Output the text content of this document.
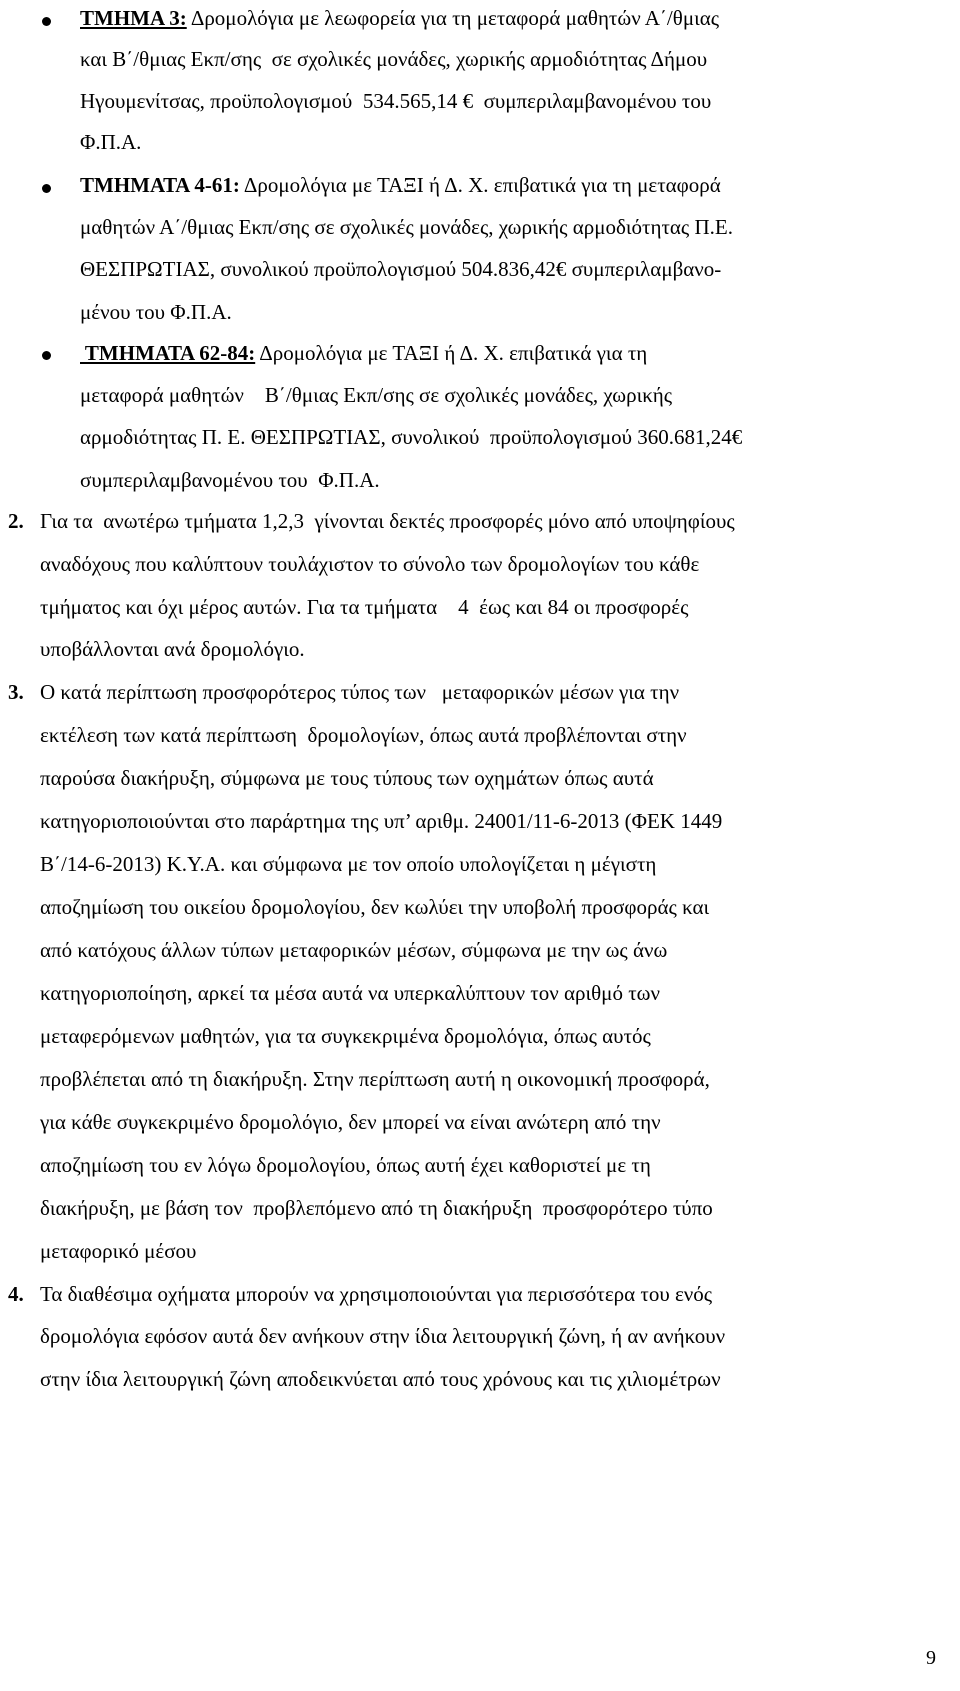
ΤΜΗΜΑ 3: Δρομολόγια με λεωφορεία για τη μεταφορά μαθητών Α΄/θμιας

και Β΄/θμιας Εκπ/σης  σε σχολικές μονάδες, χωρικής αρμοδιότητας Δήμου

Ηγουμενίτσας, προϋπολογισμού  534.565,14 €  συμπεριλαμβανομένου του

Φ.Π.Α.

ΤΜΗΜΑΤΑ 4-61: Δρομολόγια με ΤΑΞΙ ή Δ. Χ. επιβατικά για τη μεταφορά

μαθητών Α΄/θμιας Εκπ/σης σε σχολικές μονάδες, χωρικής αρμοδιότητας Π.Ε.

ΘΕΣΠΡΩΤΙΑΣ, συνολικού προϋπολογισμού 504.836,42€ συμπεριλαμβανο-

μένου του Φ.Π.Α.

ΤΜΗΜΑΤΑ 62-84: Δρομολόγια με ΤΑΞΙ ή Δ. Χ. επιβατικά για τη

μεταφορά μαθητών    Β΄/θμιας Εκπ/σης σε σχολικές μονάδες, χωρικής

αρμοδιότητας Π. Ε. ΘΕΣΠΡΩΤΙΑΣ, συνολικού  προϋπολογισμού 360.681,24€

συμπεριλαμβανομένου του  Φ.Π.Α.

2. Για τα  ανωτέρω τμήματα 1,2,3  γίνονται δεκτές προσφορές μόνο από υποψηφίους

αναδόχους που καλύπτουν τουλάχιστον το σύνολο των δρομολογίων του κάθε

τμήματος και όχι μέρος αυτών. Για τα τμήματα    4  έως και 84 οι προσφορές

υποβάλλονται ανά δρομολόγιο.

3. Ο κατά περίπτωση προσφορότερος τύπος των   μεταφορικών μέσων για την

εκτέλεση των κατά περίπτωση  δρομολογίων, όπως αυτά προβλέπονται στην

παρούσα διακήρυξη, σύμφωνα με τους τύπους των οχημάτων όπως αυτά

κατηγοριοποιούνται στο παράρτημα της υπ’ αριθμ. 24001/11-6-2013 (ΦΕΚ 1449

Β΄/14-6-2013) Κ.Υ.Α. και σύμφωνα με τον οποίο υπολογίζεται η μέγιστη

αποζημίωση του οικείου δρομολογίου, δεν κωλύει την υποβολή προσφοράς και

από κατόχους άλλων τύπων μεταφορικών μέσων, σύμφωνα με την ως άνω

κατηγοριοποίηση, αρκεί τα μέσα αυτά να υπερκαλύπτουν τον αριθμό των

μεταφερόμενων μαθητών, για τα συγκεκριμένα δρομολόγια, όπως αυτός

προβλέπεται από τη διακήρυξη. Στην περίπτωση αυτή η οικονομική προσφορά,

για κάθε συγκεκριμένο δρομολόγιο, δεν μπορεί να είναι ανώτερη από την

αποζημίωση του εν λόγω δρομολογίου, όπως αυτή έχει καθοριστεί με τη

διακήρυξη, με βάση τον  προβλεπόμενο από τη διακήρυξη  προσφορότερο τύπο

μεταφορικό μέσου

4. Τα διαθέσιμα οχήματα μπορούν να χρησιμοποιούνται για περισσότερα του ενός

δρομολόγια εφόσον αυτά δεν ανήκουν στην ίδια λειτουργική ζώνη, ή αν ανήκουν

στην ίδια λειτουργική ζώνη αποδεικνύεται από τους χρόνους και τις χιλιομέτρων

9
